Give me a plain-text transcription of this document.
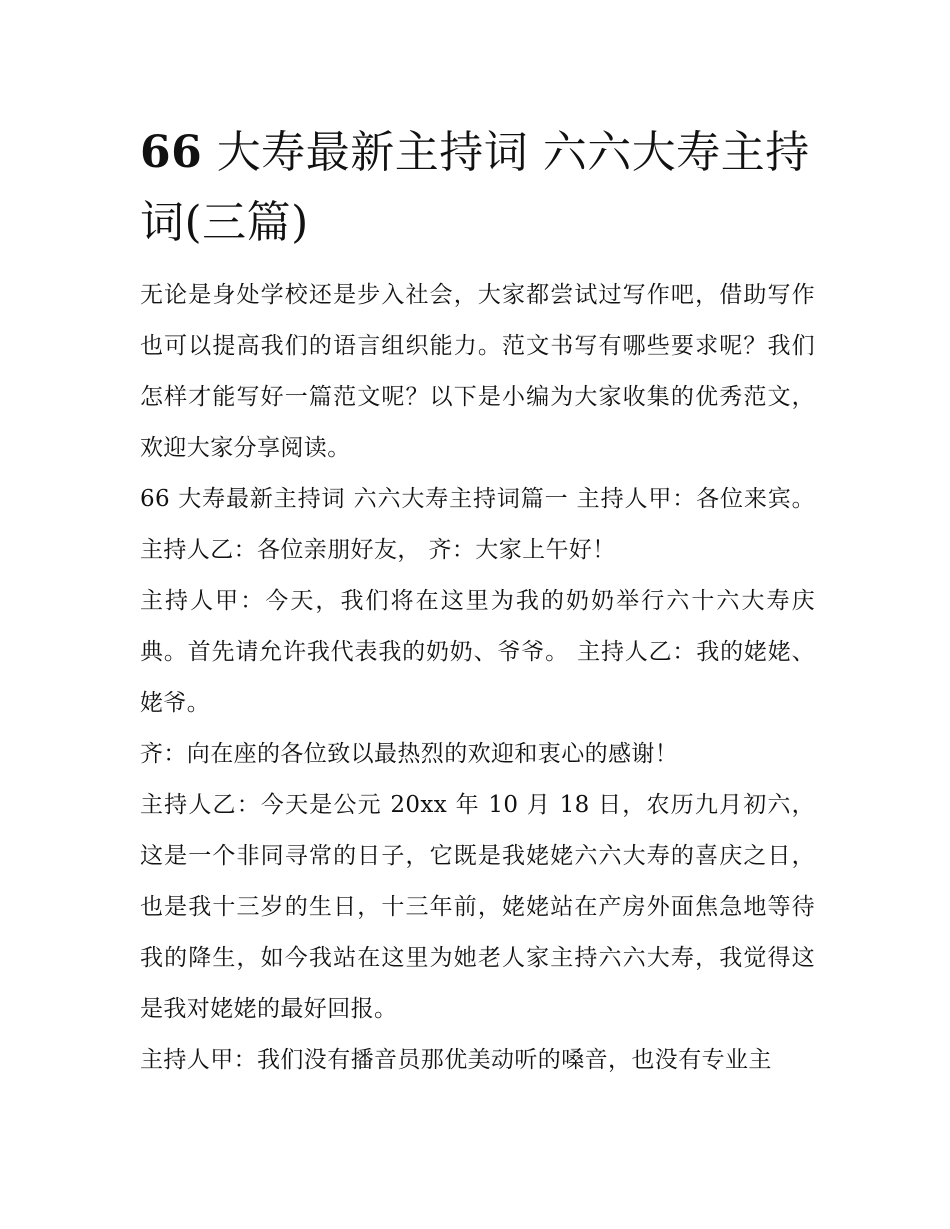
66 大寿最新主持词 六六大寿主持词(三篇)

无论是身处学校还是步入社会，大家都尝试过写作吧，借助写作也可以提高我们的语言组织能力。范文书写有哪些要求呢？我们怎样才能写好一篇范文呢？以下是小编为大家收集的优秀范文，欢迎大家分享阅读。

66 大寿最新主持词 六六大寿主持词篇一 主持人甲：各位来宾。 主持人乙：各位亲朋好友， 齐：大家上午好！

主持人甲：今天，我们将在这里为我的奶奶举行六十六大寿庆典。首先请允许我代表我的奶奶、爷爷。 主持人乙：我的姥姥、姥爷。

齐：向在座的各位致以最热烈的欢迎和衷心的感谢！

主持人乙：今天是公元 20xx 年 10 月 18 日，农历九月初六，这是一个非同寻常的日子，它既是我姥姥六六大寿的喜庆之日，也是我十三岁的生日，十三年前，姥姥站在产房外面焦急地等待我的降生，如今我站在这里为她老人家主持六六大寿，我觉得这是我对姥姥的最好回报。

主持人甲：我们没有播音员那优美动听的嗓音，也没有专业主
